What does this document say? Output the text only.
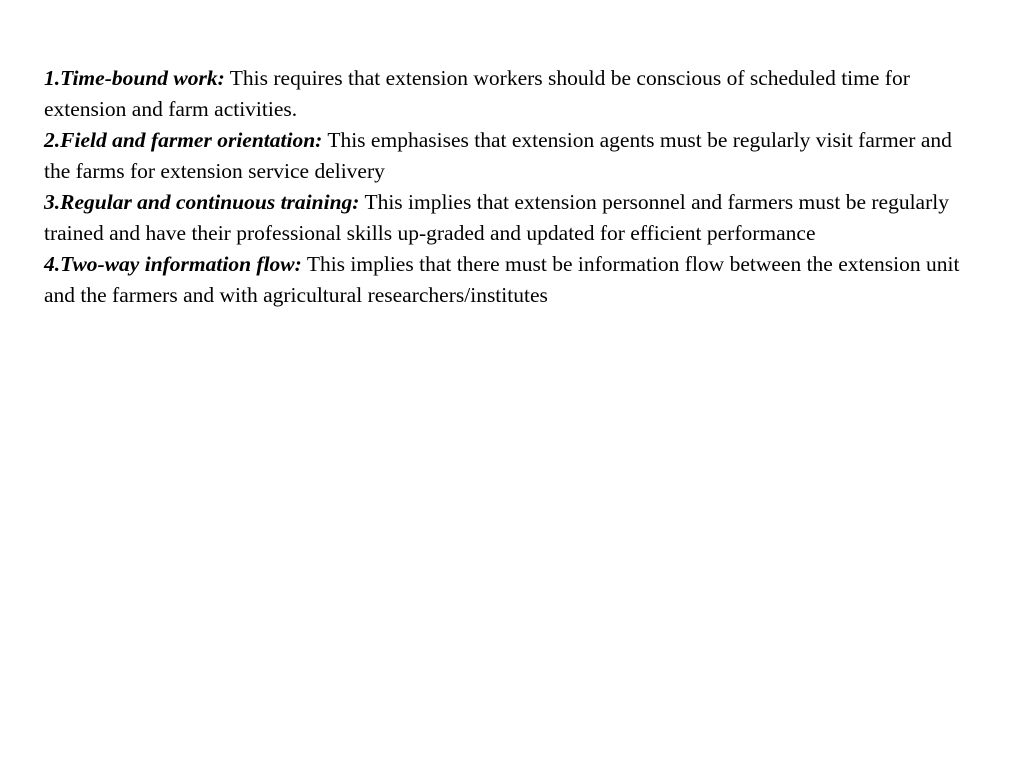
1.Time-bound work: This requires that extension workers should be conscious of scheduled time for extension and farm activities.

2.Field and farmer orientation: This emphasises that extension agents must be regularly visit farmer and the farms for extension service delivery

3.Regular and continuous training: This implies that extension personnel and farmers must be regularly trained and have their professional skills up-graded and updated for efficient performance

4.Two-way information flow: This implies that there must be information flow between the extension unit and the farmers and with agricultural researchers/institutes
